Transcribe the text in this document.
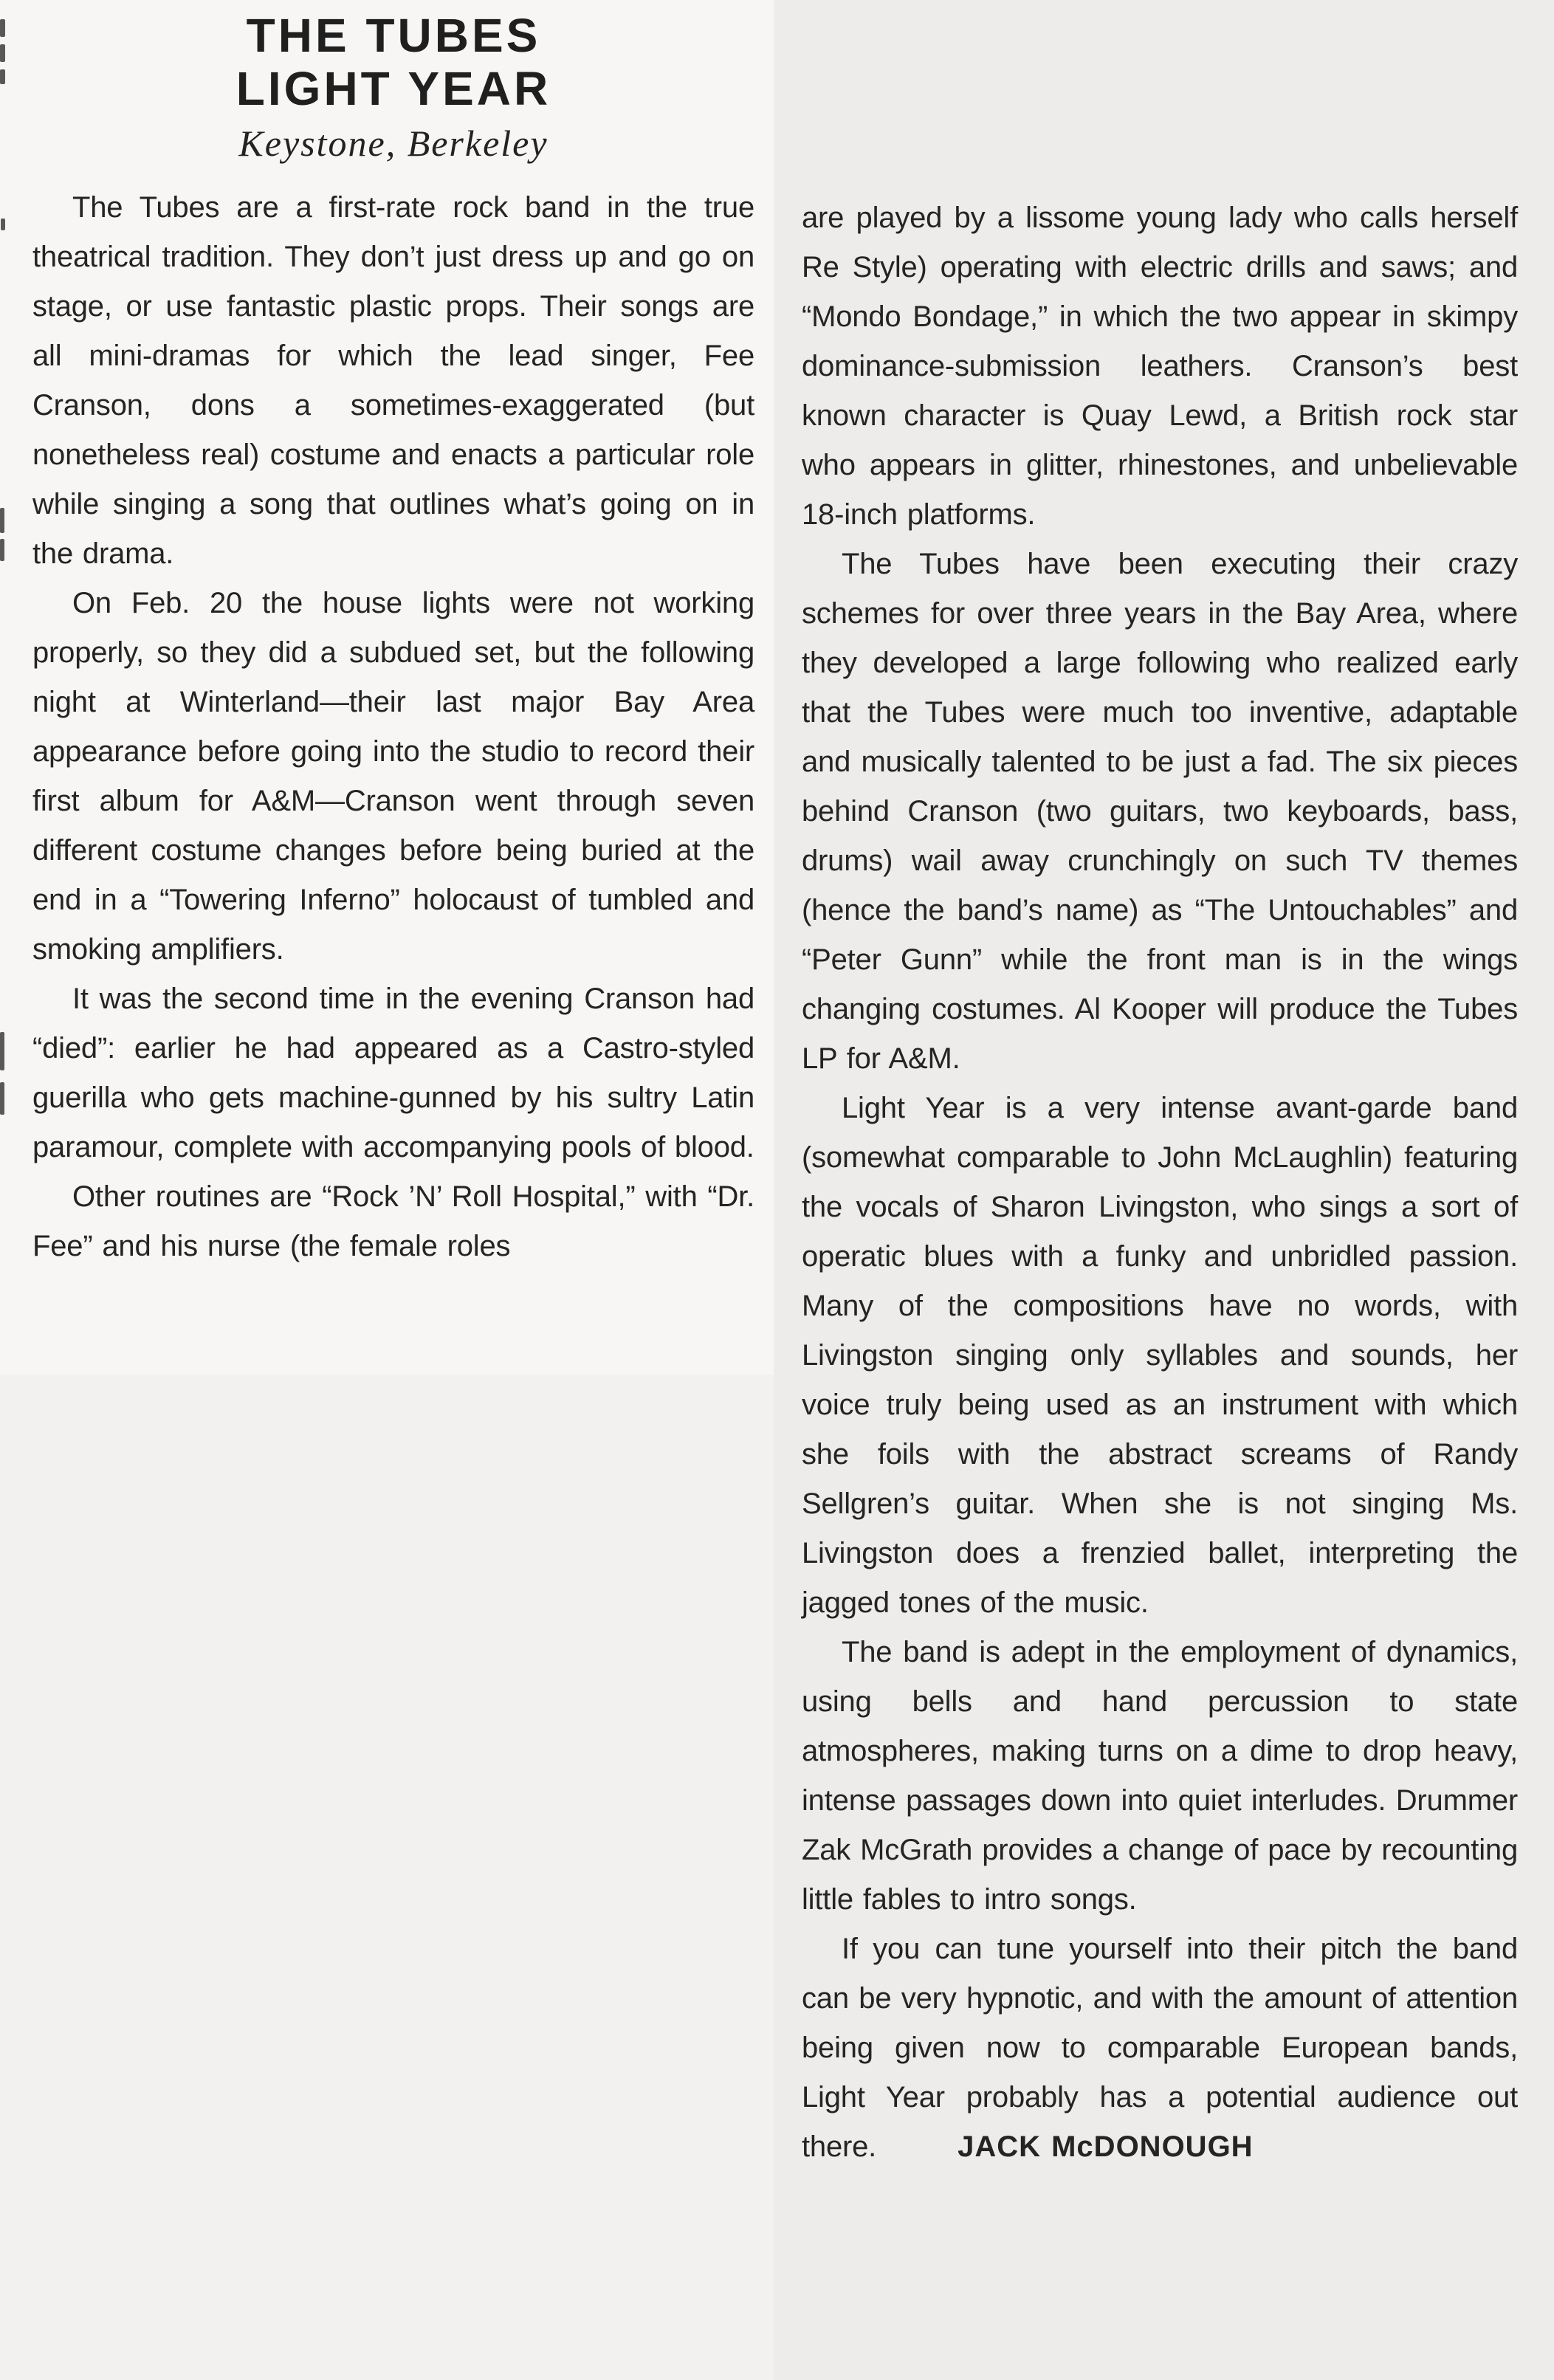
THE TUBES
LIGHT YEAR
Keystone, Berkeley

The Tubes are a first-rate rock band in the true theatrical tradition. They don’t just dress up and go on stage, or use fantastic plastic props. Their songs are all mini-dramas for which the lead singer, Fee Cranson, dons a sometimes-exaggerated (but nonetheless real) costume and enacts a particular role while singing a song that outlines what’s going on in the drama.

On Feb. 20 the house lights were not working properly, so they did a subdued set, but the following night at Winterland—their last major Bay Area appearance before going into the studio to record their first album for A&M—Cranson went through seven different costume changes before being buried at the end in a “Towering Inferno” holocaust of tumbled and smoking amplifiers.

It was the second time in the evening Cranson had “died”: earlier he had appeared as a Castro-styled guerilla who gets machine-gunned by his sultry Latin paramour, complete with accompanying pools of blood.

Other routines are “Rock ’N’ Roll Hospital,” with “Dr. Fee” and his nurse (the female roles

are played by a lissome young lady who calls herself Re Style) operating with electric drills and saws; and “Mondo Bondage,” in which the two appear in skimpy dominance-submission leathers. Cranson’s best known character is Quay Lewd, a British rock star who appears in glitter, rhinestones, and unbelievable 18-inch platforms.

The Tubes have been executing their crazy schemes for over three years in the Bay Area, where they developed a large following who realized early that the Tubes were much too inventive, adaptable and musically talented to be just a fad. The six pieces behind Cranson (two guitars, two keyboards, bass, drums) wail away crunchingly on such TV themes (hence the band’s name) as “The Untouchables” and “Peter Gunn” while the front man is in the wings changing costumes. Al Kooper will produce the Tubes LP for A&M.

Light Year is a very intense avant-garde band (somewhat comparable to John McLaughlin) featuring the vocals of Sharon Livingston, who sings a sort of operatic blues with a funky and unbridled passion. Many of the compositions have no words, with Livingston singing only syllables and sounds, her voice truly being used as an instrument with which she foils with the abstract screams of Randy Sellgren’s guitar. When she is not singing Ms. Livingston does a frenzied ballet, interpreting the jagged tones of the music.

The band is adept in the employment of dynamics, using bells and hand percussion to state atmospheres, making turns on a dime to drop heavy, intense passages down into quiet interludes. Drummer Zak McGrath provides a change of pace by recounting little fables to intro songs.

If you can tune yourself into their pitch the band can be very hypnotic, and with the amount of attention being given now to comparable European bands, Light Year probably has a potential audience out there.	JACK McDONOUGH
